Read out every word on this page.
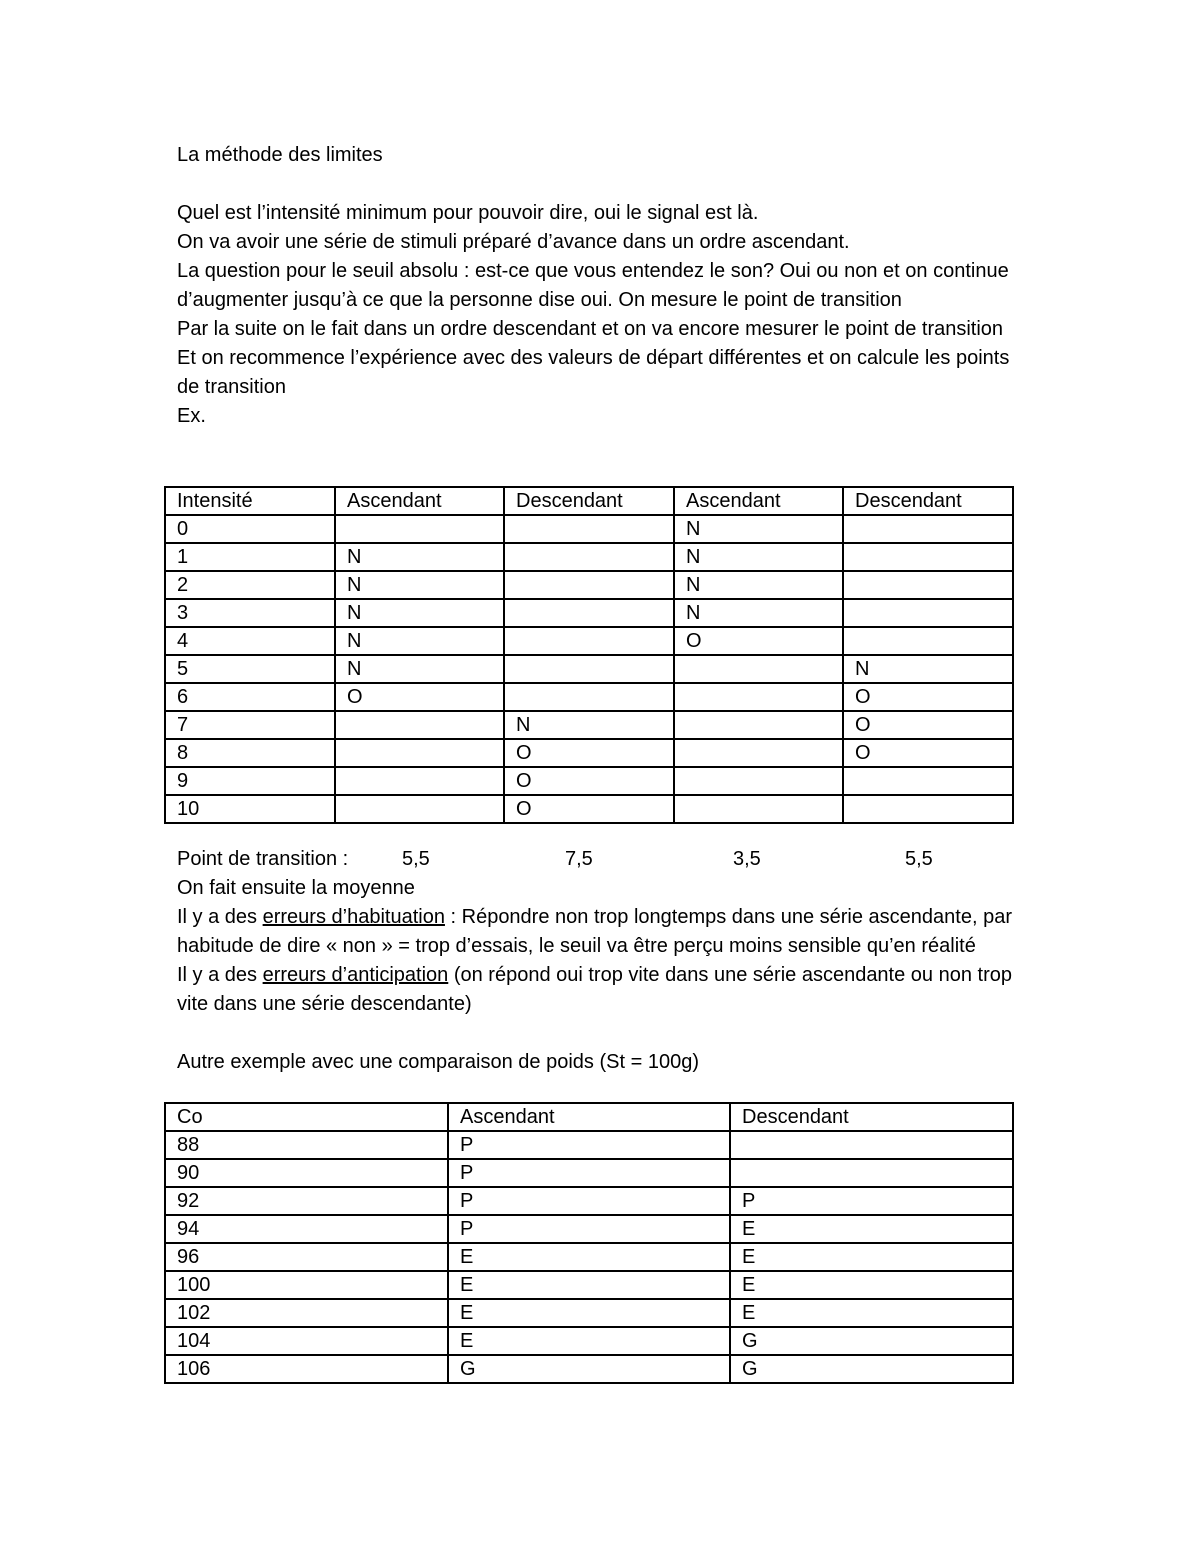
La méthode des limites

Quel est l’intensité minimum pour pouvoir dire, oui le signal est là.

On va avoir une série de stimuli préparé d’avance dans un ordre ascendant.

La question pour le seuil absolu : est-ce que vous entendez le son? Oui ou non et on continue d’augmenter jusqu’à ce que la personne dise oui. On mesure le point de transition

Par la suite on le fait dans un ordre descendant et on va encore mesurer le point de transition

Et on recommence l’expérience avec des valeurs de départ différentes et on calcule les points de transition

Ex.

Intensité	Ascendant	Descendant	Ascendant	Descendant
0			N	
1	N		N	
2	N		N	
3	N		N	
4	N		O	
5	N			N
6	O			O
7		N		O
8		O		O
9		O		
10		O		
Point de transition :	5,5	7,5	3,5	5,5

On fait ensuite la moyenne

Il y a des erreurs d’habituation : Répondre non trop longtemps dans une série ascendante, par habitude de dire « non » = trop d’essais, le seuil va être perçu moins sensible qu’en réalité

Il y a des erreurs d’anticipation (on répond oui trop vite dans une série ascendante ou non trop vite dans une série descendante)

Autre exemple avec une comparaison de poids (St = 100g)

Co	Ascendant	Descendant
88	P	
90	P	
92	P	P
94	P	E
96	E	E
100	E	E
102	E	E
104	E	G
106	G	G
